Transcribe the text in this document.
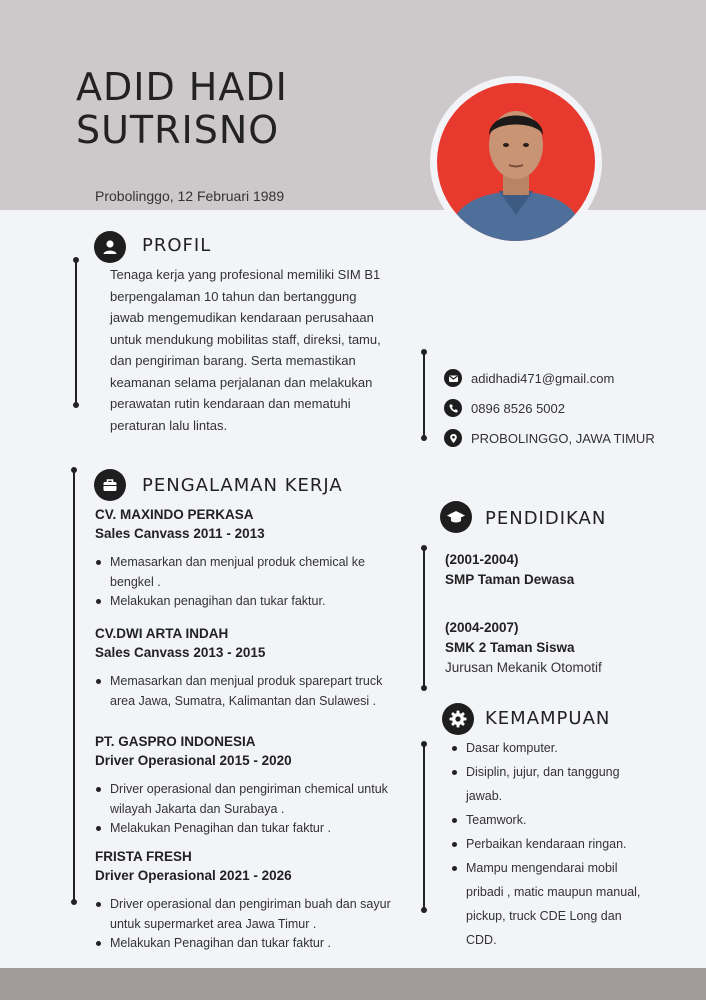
ADID HADI
SUTRISNO
Probolinggo, 12 Februari 1989
PROFIL

Tenaga kerja yang profesional memiliki SIM B1 berpengalaman 10 tahun dan bertanggung jawab mengemudikan kendaraan perusahaan untuk mendukung mobilitas staff, direksi, tamu, dan pengiriman barang. Serta memastikan keamanan selama perjalanan dan melakukan perawatan rutin kendaraan dan mematuhi peraturan lalu lintas.

adidhadi471@gmail.com
0896 8526 5002
PROBOLINGGO, JAWA TIMUR
PENGALAMAN KERJA
CV. MAXINDO PERKASA
Sales Canvass 2011 - 2013
Memasarkan dan menjual produk chemical ke bengkel .
Melakukan penagihan dan tukar faktur.
CV.DWI ARTA INDAH
Sales Canvass 2013 - 2015
Memasarkan dan menjual produk sparepart truck area Jawa, Sumatra, Kalimantan dan Sulawesi .
PT. GASPRO INDONESIA
Driver Operasional 2015 - 2020
Driver operasional dan pengiriman chemical untuk wilayah Jakarta dan Surabaya .
Melakukan Penagihan dan tukar faktur .
FRISTA FRESH
Driver Operasional 2021 - 2026
Driver operasional dan pengiriman buah dan sayur untuk supermarket area Jawa Timur .
Melakukan Penagihan dan tukar faktur .
PENDIDIKAN
(2001-2004)
SMP Taman Dewasa
(2004-2007)
SMK 2 Taman Siswa
Jurusan Mekanik Otomotif
KEMAMPUAN
Dasar komputer.
Disiplin, jujur, dan tanggung jawab.
Teamwork.
Perbaikan kendaraan ringan.
Mampu mengendarai mobil pribadi , matic maupun manual, pickup, truck CDE Long dan CDD.
